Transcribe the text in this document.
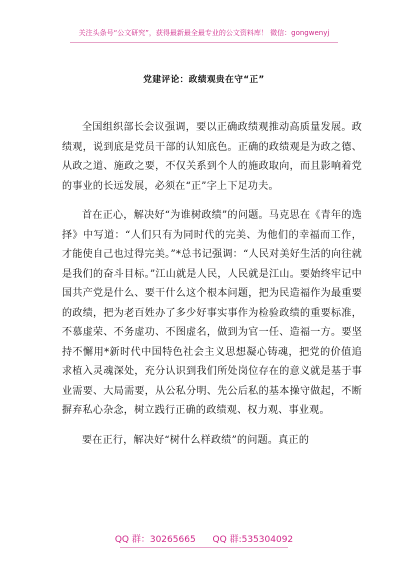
关注头条号“公文研究”，获得最新最全最专业的公文资料库！ 微信：gongwenyj
党建评论：政绩观贵在守“正”

全国组织部长会议强调，要以正确政绩观推动高质量发展。政绩观，说到底是党员干部的认知底色。正确的政绩观是为政之德、从政之道、施政之要，不仅关系到个人的施政取向，而且影响着党的事业的长远发展，必须在“正”字上下足功夫。

首在正心，解决好“为谁树政绩”的问题。马克思在《青年的选择》中写道：“人们只有为同时代的完美、为他们的幸福而工作，才能使自己也过得完美。”*总书记强调：“人民对美好生活的向往就是我们的奋斗目标。”江山就是人民，人民就是江山。要始终牢记中国共产党是什么、要干什么这个根本问题，把为民造福作为最重要的政绩，把为老百姓办了多少好事实事作为检验政绩的重要标准，不慕虚荣、不务虚功、不图虚名，做到为官一任、造福一方。要坚持不懈用*新时代中国特色社会主义思想凝心铸魂，把党的价值追求植入灵魂深处，充分认识到我们所处岗位存在的意义就是基于事业需要、大局需要，从公私分明、先公后私的基本操守做起，不断摒弃私心杂念，树立践行正确的政绩观、权力观、事业观。

要在正行，解决好“树什么样政绩”的问题。真正的

QQ 群：30265665 QQ 群:535304092
